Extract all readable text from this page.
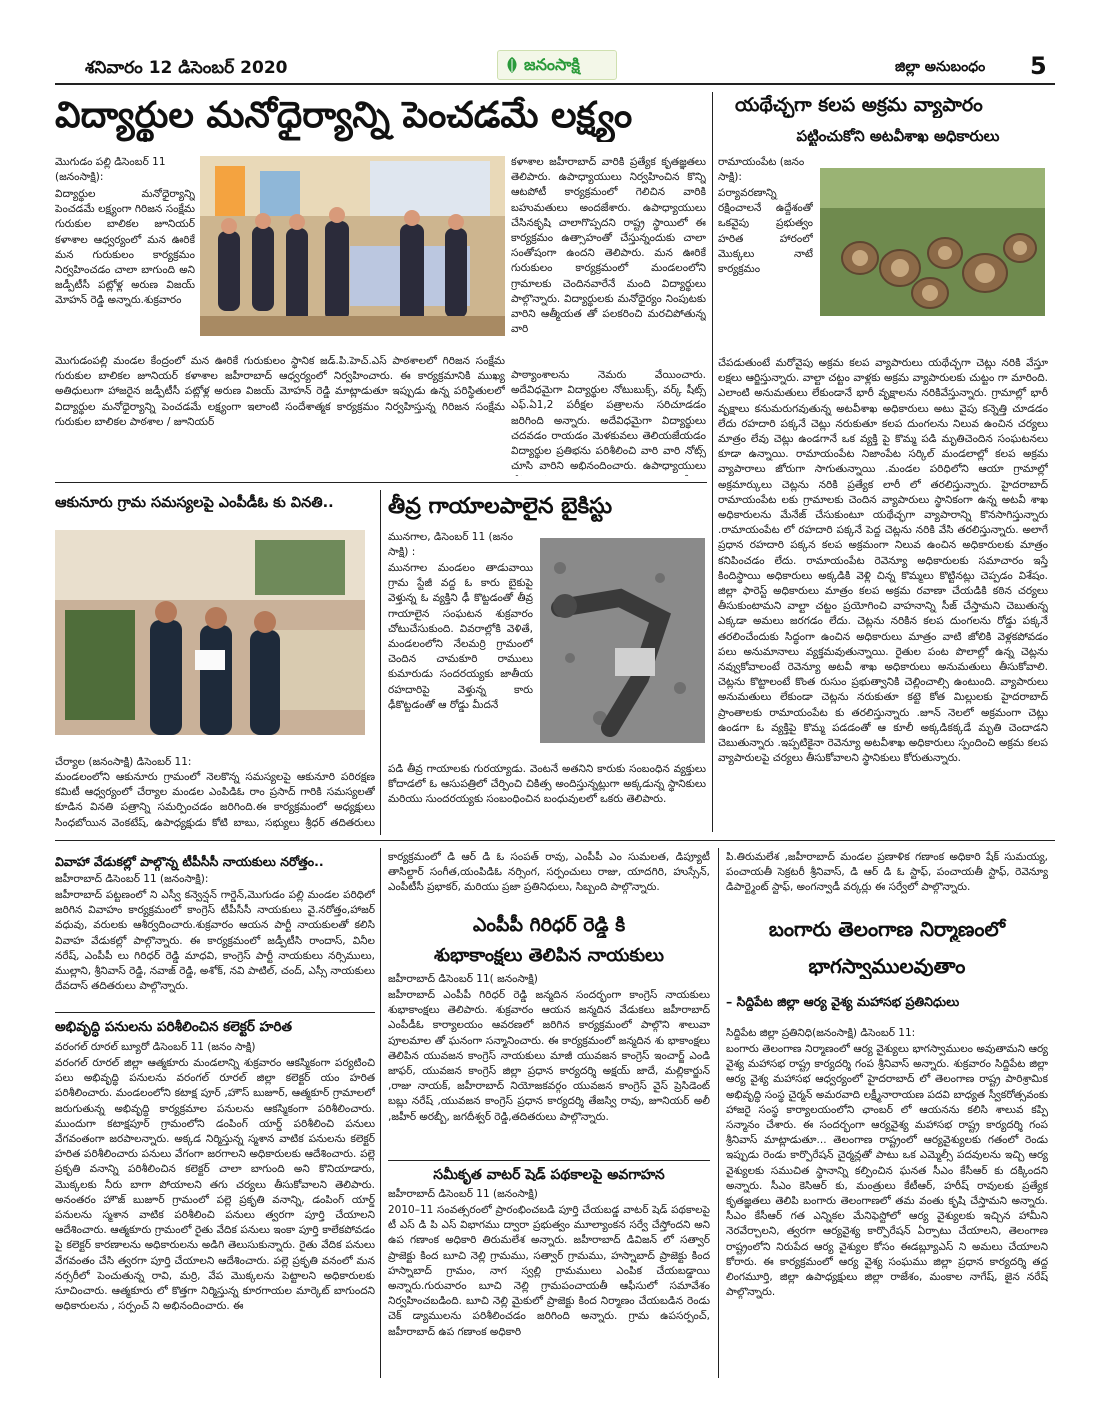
శనివారం 12 డిసెంబర్ 2020	జనంసాక్షి	జిల్లా అనుబంధం 5
విద్యార్థుల మనోధైర్యాన్ని పెంచడమే లక్ష్యం
మొగుడం పల్లి డిసెంబర్ 11 (జనంసాక్షి):
విద్యార్థుల మనోధైర్యాన్ని పెంచడమే లక్ష్యంగా గిరిజన సంక్షేమ గురుకుల బాలికల జూనియర్ కళాశాల ఆధ్వర్యంలో మన ఊరికే మన గురుకులం కార్యక్రమం నిర్వహించడం చాలా బాగుంది అని జడ్పీటీసీ పట్లోళ్ల అరుణ విజయ్ మోహన్ రెడ్డి అన్నారు.శుక్రవారం
మొగుడంపల్లి మండల కేంద్రంలో మన ఊరికే గురుకులం స్థానిక జడ్.పి.హెచ్.ఎస్ పాఠశాలలో గిరిజన సంక్షేమ గురుకుల బాలికల జూనియర్ కళాశాల జహీరాబాద్ ఆధ్వర్యంలో నిర్వహించారు. ఈ కార్యక్రమానికి ముఖ్య అతిధులుగా హాజరైన జడ్పీటీసీ పట్లోళ్ల అరుణ విజయ్ మోహన్ రెడ్డి మాట్లాడుతూ ఇప్పుడు ఉన్న పరిస్థితులలో విద్యార్థుల మనోధైర్యాన్ని పెంచడమే లక్ష్యంగా ఇలాంటి సందేశాత్మక కార్యక్రమం నిర్వహిస్తున్న గిరిజన సంక్షేమ గురుకుల బాలికల పాఠశాల / జూనియర్
కళాశాల జహీరాబాద్ వారికి ప్రత్యేక కృతజ్ఞతలు తెలిపారు. ఉపాధ్యాయులు నిర్వహించిన కొన్ని ఆటపోటీ కార్యక్రమంలో గెలిచిన వారికి బహుమతులు అందజేశారు. ఉపాధ్యాయులు చేసినకృషి చాలాగొప్పదని రాష్ట్ర స్థాయిలో ఈ కార్యక్రమం ఉత్సాహంతో చేస్తున్నందుకు చాలా సంతోషంగా ఉందని తెలిపారు. మన ఊరికే గురుకులం కార్యక్రమంలో మండలంలోని గ్రామాలకు చెందినవారేనే మంది విద్యార్థులు పాల్గొన్నారు. విద్యార్థులకు మనోధైర్యం నింపుటకు వారిని ఆత్మీయత తో పలకరించి మరచిపోతున్న వారి
పాఠ్యాంశాలను నెమరు వేయించారు. అదేవిధమైగా విద్యార్థుల నోటుబుక్స్, వర్క్ షీట్స్ ఎఫ్.ఏ1,2 పరీక్షల పత్రాలను సరిచూడడం జరిగింది అన్నారు. అదేవిధమైగా విద్యార్థులు చదవడం రాయడం మెళకువలు తెలియజేయడం విద్యార్థుల ప్రతిభను పరిశీలించి వారి వారి నోట్స్ చూసి వారిని అభినందించారు. ఉపాధ్యాయులు
ఆకునూరు గ్రామ సమస్యలపై ఎంపీడీఓ కు వినతి..
చేర్యాల (జనంసాక్షి) డిసెంబర్ 11:
మండలంలోని ఆకునూరు గ్రామంలో నెలకొన్న సమస్యలపై ఆకునూరి పరిరక్షణ కమిటీ ఆధ్వర్యంలో చేర్యాల మండల ఎంపిడిఓ రాం ప్రసాద్ గారికి సమస్యలతో కూడిన వినతి పత్రాన్ని సమర్పించడం జరిగింది.ఈ కార్యక్రమంలో అధ్యక్షులు సింధబోయిన వెంకటేష్, ఉపాధ్యక్షుడు కోటి బాబు, సభ్యులు శ్రీధర్ తదితరులు
తీవ్ర గాయాలపాలైన బైకిస్టు
మునగాల, డిసెంబర్ 11 (జనం సాక్షి) :
మునగాల మండలం తాడువాయి గ్రామ స్టేజీ వద్ద ఓ కారు బైకుపై వెళ్తున్న ఓ వ్యక్తిని ఢీ కొట్టడంతో తీవ్ర గాయాలైన సంఘటన శుక్రవారం చోటుచేసుకుంది. వివరాల్లోకి వెళితే, మండలంలోని నేలమర్రి గ్రామంలో చెందిన చామకూరి రాములు కుమారుడు సందరయ్యకు జాతీయ రహదారిపై వెళ్తున్న కారు ఢీకొట్టడంతో ఆ రోడ్డు మీదనే
పడి తీవ్ర గాయాలకు గురయ్యాడు. వెంటనే అతనిని కారుకు సంబంధిన వ్యక్తులు కోదాడలో ఓ ఆసుపత్రిలో చేర్పించి చికిత్స అందిస్తున్నట్లుగా అక్కడున్న స్థానికులు మరియు సుందరయ్యకు సంబంధించిన బంధువులలో ఒకరు తెలిపారు.
యథేచ్ఛగా కలప అక్రమ వ్యాపారం
పట్టించుకోని అటవీశాఖ అధికారులు
రామాయంపేట (జనం సాక్షి):
పర్యావరణాన్ని రక్షించాలనే ఉద్దేశంతో ఒకవైపు ప్రభుత్వం హరిత హారంలో మొక్కలు నాటే కార్యక్రమం
చేపడుతుంటే మరోవైపు అక్రమ కలప వ్యాపారులు యథేచ్ఛగా చెట్లు నరికి వేస్తూ లక్షలు ఆర్జిస్తున్నారు. వాల్టా చట్టం వాళ్లకు అక్రమ వ్యాపారులకు చుట్టం గా మారింది. ఎలాంటి అనుమతులు లేకుండానే భారీ వృక్షాలను నరికివేస్తున్నారు. గ్రామాల్లో భారీ వృక్షాలు కనుమరుగవుతున్న అటవీశాఖ అధికారులు అటు వైపు కన్నెత్తి చూడడం లేదు రహదారి పక్కనే చెట్లు నరుకుతూ కలప దుంగలను నిలువ ఉంచిన చర్యలు మాత్రం లేవు చెట్లు ఉండగానే ఒక వ్యక్తి పై కొమ్మ పడి మృతిచెందిన సంఘటనలు కూడా ఉన్నాయి. రామాయంపేట నిజాంపేట సర్కిల్ మండలాల్లో కలప అక్రమ వ్యాపారాలు జోరుగా సాగుతున్నాయి .మండల పరిధిలోని ఆయా గ్రామాల్లో అక్రమార్కులు చెట్లను నరికి ప్రత్యేక లారీ లో తరలిస్తున్నారు. హైదరాబాద్ రామాయంపేట లకు గ్రామాలకు చెందిన వ్యాపారులు స్థానికంగా ఉన్న అటవీ శాఖ అధికారులను మేనేజ్ చేసుకుంటూ యథేచ్ఛగా వ్యాపారాన్ని కొనసాగిస్తున్నారు .రామాయంపేట లో రహదారి పక్కనే పెద్ద చెట్లను నరికి వేసి తరలిస్తున్నారు. అలాగే ప్రధాన రహదారి పక్కన కలప అక్రమంగా నిలువ ఉంచిన అధికారులకు మాత్రం కనిపించడం లేదు. రామాయంపేట రెవెన్యూ అధికారులకు సమాచారం ఇస్తే కిందిస్థాయి అధికారులు అక్కడికి వెళ్లి చిన్న కొమ్మలు కొట్టినట్లు చెప్పడం విశేషం. జిల్లా ఫారెస్ట్ అధికారులు మాత్రం కలప అక్రమ రవాణా చేయడికి కఠిన చర్యలు తీసుకుంటామని వాల్టా చట్టం ప్రయోగించి వాహనాన్ని సీజ్ చేస్తామని చెబుతున్న ఎక్కడా అమలు జరగడం లేదు. చెట్లను నరికిన కలప దుంగలను రోడ్డు పక్కనే తరలించేందుకు సిద్ధంగా ఉంచిన అధికారులు మాత్రం వాటి జోలికి వెళ్లకపోవడం పలు అనుమానాలు వ్యక్తమవుతున్నాయి. రైతుల పంట పొలాల్లో ఉన్న చెట్లను నవ్వుకోవాలంటే రెవెన్యూ అటవీ శాఖ అధికారులు అనుమతులు తీసుకోవాలి. చెట్లను కొట్టాలంటే కొంత రుసుం ప్రభుత్వానికి చెల్లించాల్సి ఉంటుంది. వ్యాపారులు అనుమతులు లేకుండా చెట్లను నరుకుతూ కట్టె కోత మిల్లులకు హైదరాబాద్ ప్రాంతాలకు రామాయంపేట కు తరలిస్తున్నారు .జూన్ నెలలో అక్రమంగా చెట్లు ఉండగా ఓ వ్యక్తిపై కొమ్మ పడడంతో ఆ కూలీ అక్కడికక్కడే మృతి చెందాడని చెబుతున్నారు .ఇప్పటికైనా రెవెన్యూ అటవీశాఖ అధికారులు స్పందించి అక్రమ కలప వ్యాపారులపై చర్యలు తీసుకోవాలని స్థానికులు కోరుతున్నారు.
వివాహా వేడుకల్లో పాల్గొన్న టీపీసీసీ నాయకులు నరోత్తం..
జహీరాబాద్ డిసెంబర్ 11 (జనంసాక్షి):
జహీరాబాద్ పట్టణంలో ని ఎస్వీ కన్వెన్షన్ గార్డెన్,మొగుడం పల్లి మండల పరిధిలో జరిగిన వివాహం కార్యక్రమంలో కాంగ్రెస్ టీపీసీసీ నాయకులు వై.నరోత్తం,హాజర్ వధువు, వరులకు ఆశీర్వదించారు.శుక్రవారం ఆయన పార్టీ నాయకులతో కలిసి వివాహ వేడుకల్లో పాల్గొన్నారు. ఈ కార్యక్రమంలో జడ్పీటీసి రాందాస్, వినీల నరేష్, ఎంపీపీ లు గిరిధర్ రెడ్డి మాధవి, కాంగ్రెస్ పార్టీ నాయకులు నర్సిములు, ముల్లాని, శ్రీనివాస్ రెడ్డి, నవాజ్ రెడ్డి, అశోక్, నవి పాటిల్, చంద్, ఎస్సీ నాయకులు దేవదాస్ తదితరులు పాల్గొన్నారు.
అభివృద్ధి పనులను పరిశీలించిన కలెక్టర్ హరిత
వరంగల్ రూరల్ బ్యూరో డిసెంబర్ 11 (జనం సాక్షి)
వరంగల్ రూరల్ జిల్లా ఆత్మకూరు మండలాన్ని శుక్రవారం ఆకస్మికంగా పర్యటించి పలు అభివృద్ధి పనులను వరంగల్ రూరల్ జిల్లా కలెక్టర్ యం హరిత పరిశీలించారు. మండలంలోని కటాక్ష పూర్ ,హౌస్ బుజూర్, ఆత్మకూర్ గ్రామాలలో జరుగుతున్న అభివృద్ధి కార్యక్రమాల పనులను ఆకస్మికంగా పరిశీలించారు. ముందుగా కటాక్షపూర్ గ్రామంలోని డంపింగ్ యార్డ్ పరిశీలించి పనులు వేగవంతంగా జరపాలన్నారు. అక్కడ నిర్మిస్తున్న స్మశాన వాటిక పనులను కలెక్టర్ హరిత పరిశీలించారు పనులు వేగంగా జరగాలని అధికారులకు ఆదేశించారు. పల్లె ప్రకృతి వనాన్ని పరిశీలించిన కలెక్టర్ చాలా బాగుంది అని కొనియాడారు, మొక్కలకు నీరు బాగా పోయాలని తగు చర్యలు తీసుకోవాలని తెలిపారు. అనంతరం హౌజ్ బుజూర్ గ్రామంలో పల్లె ప్రకృతి వనాన్ని, డంపింగ్ యార్డ్ పనులను స్మశాన వాటిక పరిశీలించి పనులు త్వరగా పూర్తి చేయాలని ఆదేశించారు. ఆత్మకూరు గ్రామంలో రైతు వేదిక పనులు ఇంకా పూర్తి కాలేకపోవడం పై కలెక్టర్ కారణాలను అధికారులను అడిగి తెలుసుకున్నారు. రైతు వేదిక పనులు వేగవంతం చేసి త్వరగా పూర్తి చేయాలని ఆదేశించారు. పల్లె ప్రకృతి వనంలో మన నర్సరీలో పెంచుతున్న రావి, మర్రి, వేప మొక్కలను పెట్టాలని అధికారులకు సూచించారు. ఆత్మకూరు లో కొత్తగా నిర్మిస్తున్న కూరగాయల మార్కెట్ బాగుందని అధికారులను , సర్పంచ్ ని అభినందించారు. ఈ
కార్యక్రమంలో డి ఆర్ డి ఓ సంపత్ రావు, ఎంపీపీ ఎం సుమలత, డిప్యూటీ తాసిల్దార్ సంగీత,యంపిడిఓ నర్సింగ, సర్పంచులు రాజు, యాదగిరి, హుస్సేన్, ఎంపీటీసీ ప్రభాకర్, మరియు ప్రజా ప్రతినిధులు, సిబ్బంది పాల్గొన్నారు.
పి.తిరుమలేశ ,జహీరాబాద్ మండల ప్రణాళిక గణాంక అధికారి షేక్ సుమయ్య, పంచాయతీ సెక్రటరీ శ్రీనివాస్, డి ఆర్ డి ఓ స్టాఫ్, పంచాయతీ స్టాఫ్, రెవెన్యూ డిపార్ట్మెంట్ స్టాఫ్, అంగన్వాడీ వర్కర్లు ఈ సర్వేలో పాల్గొన్నారు.
ఎంపీపీ గిరిధర్ రెడ్డి కి
శుభాకాంక్షలు తెలిపిన నాయకులు
జహీరాబాద్ డిసెంబర్ 11( జనంసాక్షి)
జహీరాబాద్ ఎంపీపీ గిరిధర్ రెడ్డి జన్మదిన సందర్భంగా కాంగ్రెస్ నాయకులు శుభాకాంక్షలు తెలిపారు. శుక్రవారం ఆయన జన్మదిన వేడుకలు జహీరాబాద్ ఎంపీడీఓ కార్యాలయం ఆవరణలో జరిగిన కార్యక్రమంలో పాల్గొని శాలువా పూలమాల తో ఘనంగా సన్మానించారు. ఈ కార్యక్రమంలో జన్మదిన శు భాకాంక్షలు తెలిపిన యువజన కాంగ్రెస్ నాయకులు మాజీ యువజన కాంగ్రెస్ ఇంచార్జ్ ఎండి జాఫర్, యువజన కాంగ్రెస్ జిల్లా ప్రధాన కార్యదర్శి అక్షయ్ జాదే, మల్లికార్జున్ ,రాజు నాయక్, జహీరాబాద్ నియోజకవర్గం యువజన కాంగ్రెస్ వైస్ ప్రెసిడెంట్ బబ్లు నరేష్ ,యువజన కాంగ్రెస్ ప్రధాన కార్యదర్శి తేజస్వి రావు, జూనియర్ అలీ ,జహీర్ అరబ్బీ, జగదీశ్వర్ రెడ్డి,తదితరులు పాల్గొన్నారు.
సమీకృత వాటర్ షెడ్ పథకాలపై అవగాహన
జహీరాబాద్ డిసెంబర్ 11 (జనంసాక్షి)
2010–11 సంవత్సరంలో ప్రారంభించబడి పూర్తి చేయబడ్డ వాటర్ షెడ్ పథకాలపై టీ ఎస్ డి పి ఎస్ విభాగము ద్వారా ప్రభుత్వం మూల్యాంకన సర్వే చేస్తోందని అని ఉప గణాంక అధికారి తిరుమలేశ అన్నారు. జహీరాబాద్ డివిజన్ లో సత్వార్ ప్రాజెక్టు కింద బూచి నెల్లి గ్రామము, సత్వార్ గ్రామము, హస్నాబాద్ ప్రాజెక్టు కింద హస్నాబాద్ గ్రామం, నాగ స్వల్లి గ్రామములు ఎంపిక చేయబడ్డాయి అన్నారు.గురువారం బూచి నెల్లి గ్రామపంచాయతీ ఆఫీసులో సమావేశం నిర్వహించబడింది. బూచి నెల్లి మైకులో ప్రాజెక్టు కింద నిర్మాణం చేయబడిన రెండు చెక్ డ్యాములను పరిశీలించడం జరిగింది అన్నారు. గ్రామ ఉపసర్పంచ్, జహీరాబాద్ ఉప గణాంక అధికారి
బంగారు తెలంగాణ నిర్మాణంలో
భాగస్వాములవుతాం
– సిద్దిపేట జిల్లా ఆర్య వైశ్య మహాసభ ప్రతినిధులు
సిద్దిపేట జిల్లా ప్రతినిధి(జనంసాక్షి) డిసెంబర్ 11:
బంగారు తెలంగాణ నిర్మాణంలో ఆర్య వైశ్యులు భాగస్వాములం అవుతామని ఆర్య వైశ్య మహాసభ రాష్ట్ర కార్యదర్శి గంప శ్రీనివాస్ అన్నారు. శుక్రవారం సిద్దిపేట జిల్లా ఆర్య వైశ్య మహాసభ ఆధ్వర్యంలో హైదరాబాద్ లో తెలంగాణ రాష్ట్ర పారిశ్రామిక అభివృద్ధి సంస్థ చైర్మన్ అమరవాది లక్ష్మీనారాయణ పదవి బాధ్యత స్వీకరోత్సవంకు హాజరై సంస్థ కార్యాలయంలోని ఛాంబర్ లో ఆయనను కలిసి శాలువ కప్పి సన్మానం చేశారు. ఈ సందర్భంగా ఆర్యవైశ్య మహాసభ రాష్ట్ర కార్యదర్శి గంప శ్రీనివాస్ మాట్లాడుతూ... తెలంగాణ రాష్ట్రంలో ఆర్యవైశ్యులకు గతంలో రెండు ఇప్పుడు రెండు కార్పొరేషన్ చైర్మన్లతో పాటు ఒక ఎమ్మెల్సీ పదవులను ఇచ్చి ఆర్య వైశ్యులకు సముచిత స్థానాన్ని కల్పించిన ఘనత సీఎం కేసీఆర్ కు దక్కిందని అన్నారు. సీఎం కెసిఆర్ కు, మంత్రులు కేటీఆర్, హరీష్ రావులకు ప్రత్యేక కృతజ్ఞతలు తెలిపి బంగారు తెలంగాణలో తమ వంతు కృషి చేస్తామని అన్నారు. సీఎం కేసీఆర్ గత ఎన్నికల మేనిఫెస్టోలో ఆర్య వైశ్యులకు ఇచ్చిన హామీని నెరవేర్చాలని, త్వరగా ఆర్యవైశ్య కార్పొరేషన్ ఏర్పాటు చేయాలని, తెలంగాణ రాష్ట్రంలోని నిరుపేద ఆర్య వైశ్యుల కోసం ఈడబ్ల్యూఎస్ ని అమలు చేయాలని కోరారు. ఈ కార్యక్రమంలో ఆర్య వైశ్య సంఘము జిల్లా ప్రధాన కార్యదర్శి తద్ద లింగమూర్తి, జిల్లా ఉపాధ్యక్షులు జిల్లా రాజేశం, మంకాల నాగేష్, జైన నరేష్ పాల్గొన్నారు.
